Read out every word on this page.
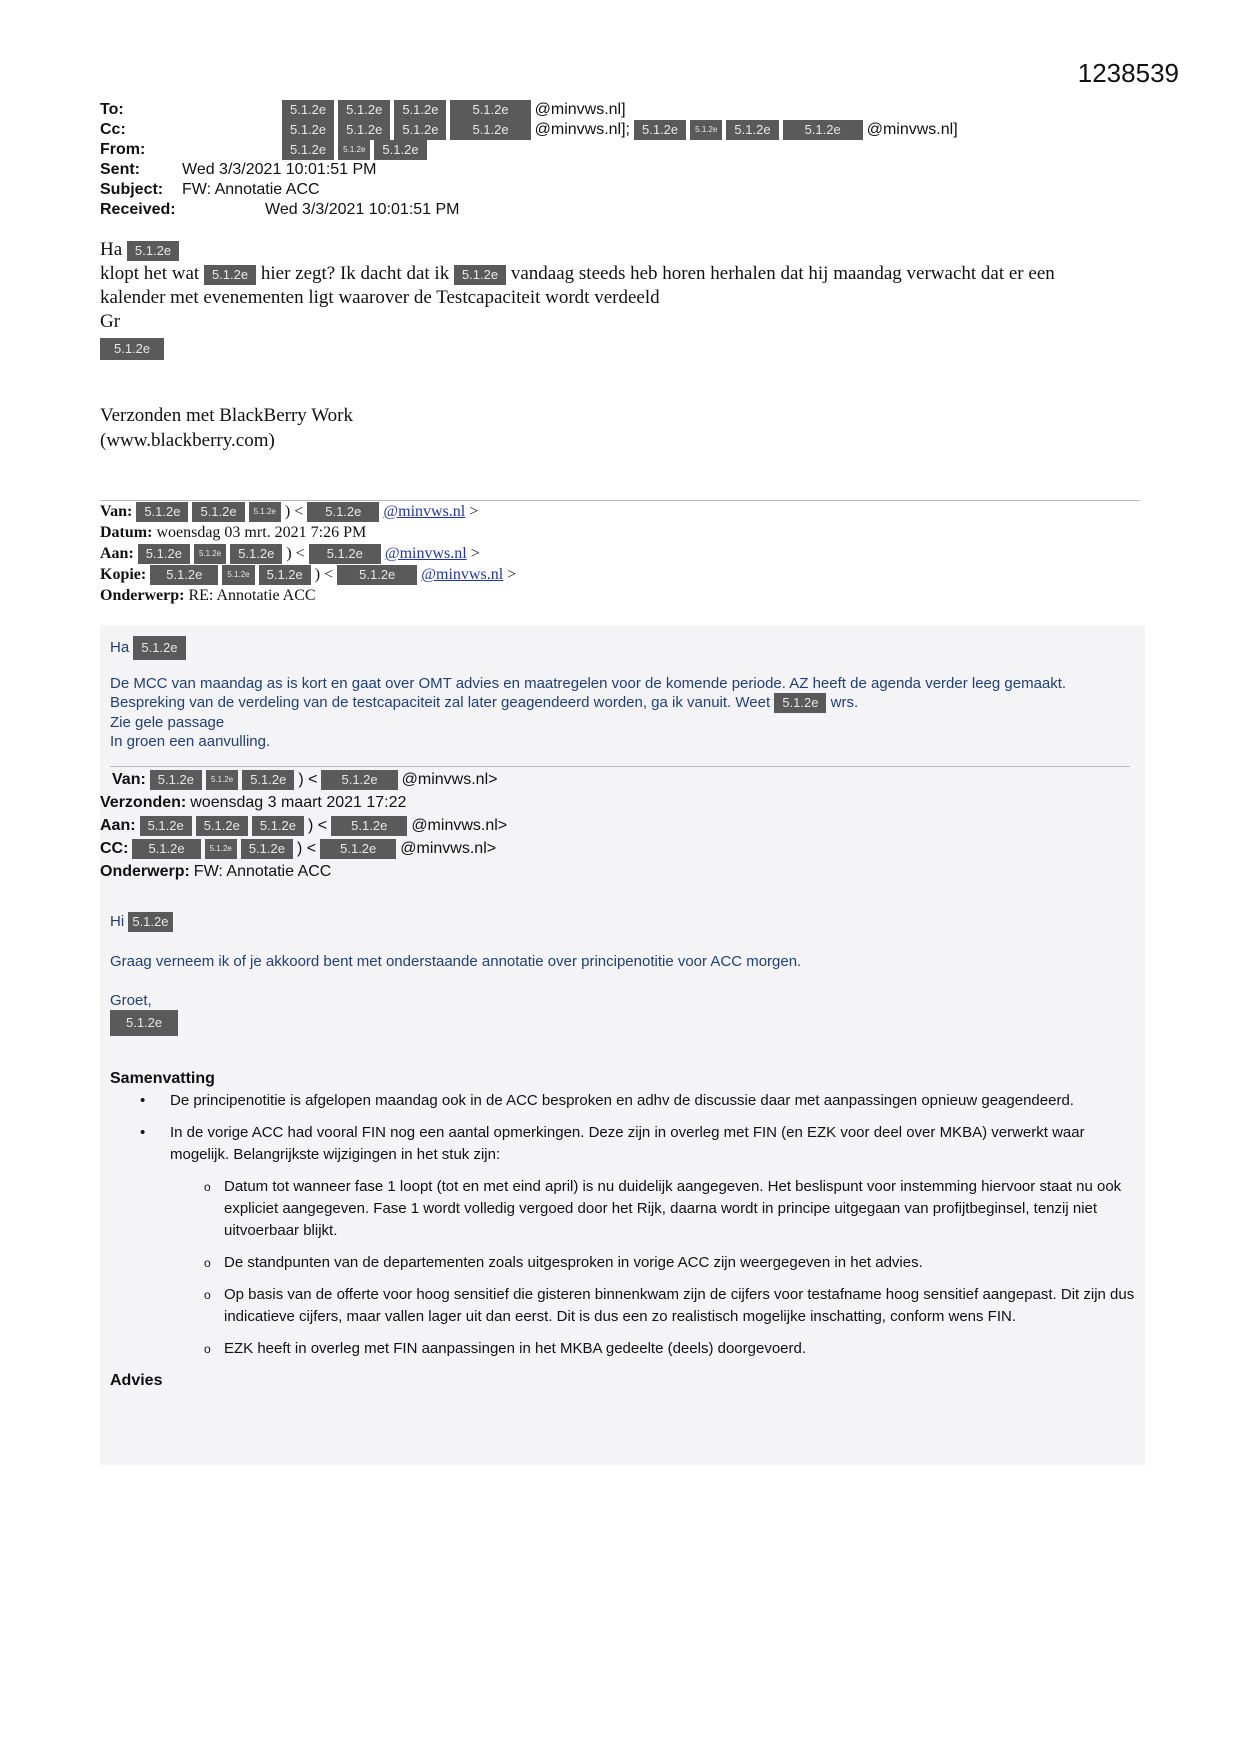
1238539
To:	5.1.2e	5.1.2e	5.1.2e	5.1.2e	@minvws.nl]
Cc:	5.1.2e	5.1.2e	5.1.2e	5.1.2e	@minvws.nl]; 5.1.2e	5.1.2e	5.1.2e	5.1.2e	@minvws.nl]
From:	5.1.2e	5.1.2e	5.1.2e
Sent:	Wed 3/3/2021 10:01:51 PM
Subject:	FW: Annotatie ACC
Received:	Wed 3/3/2021 10:01:51 PM
Ha 5.1.2e
klopt het wat 5.1.2e hier zegt? Ik dacht dat ik 5.1.2e vandaag steeds heb horen herhalen dat hij maandag verwacht dat er een
kalender met evenementen ligt waarover de Testcapaciteit wordt verdeeld
Gr
5.1.2e
Verzonden met BlackBerry Work
(www.blackberry.com)
Van: 5.1.2e	5.1.2e	5.1.2e ) <	5.1.2e	@minvws.nl >
Datum: woensdag 03 mrt. 2021 7:26 PM
Aan: 5.1.2e	5.1.2e	5.1.2e ) <	5.1.2e	@minvws.nl >
Kopie:	5.1.2e	5.1.2e	5.1.2e ) <	5.1.2e	@minvws.nl >
Onderwerp: RE: Annotatie ACC
Ha 5.1.2e
De MCC van maandag as is kort en gaat over OMT advies en maatregelen voor de komende periode. AZ heeft de agenda verder leeg gemaakt. Bespreking van de verdeling van de testcapaciteit zal later geagendeerd worden, ga ik vanuit. Weet 5.1.2e wrs.
Zie gele passage
In groen een aanvulling.
Van: 5.1.2e	5.1.2e	5.1.2e ) <	5.1.2e	@minvws.nl>
Verzonden: woensdag 3 maart 2021 17:22
Aan: 5.1.2e	5.1.2e	5.1.2e ) <	5.1.2e	@minvws.nl>
CC:	5.1.2e	5.1.2e	5.1.2e ) <	5.1.2e	@minvws.nl>
Onderwerp: FW: Annotatie ACC
Hi 5.1.2e
Graag verneem ik of je akkoord bent met onderstaande annotatie over principenotitie voor ACC morgen.
Groet,
5.1.2e
Samenvatting
• De principenotitie is afgelopen maandag ook in de ACC besproken en adhv de discussie daar met aanpassingen opnieuw geagendeerd.
• In de vorige ACC had vooral FIN nog een aantal opmerkingen. Deze zijn in overleg met FIN (en EZK voor deel over MKBA) verwerkt waar mogelijk. Belangrijkste wijzigingen in het stuk zijn:
o Datum tot wanneer fase 1 loopt (tot en met eind april) is nu duidelijk aangegeven. Het beslispunt voor instemming hiervoor staat nu ook expliciet aangegeven. Fase 1 wordt volledig vergoed door het Rijk, daarna wordt in principe uitgegaan van profijtbeginsel, tenzij niet uitvoerbaar blijkt.
o De standpunten van de departementen zoals uitgesproken in vorige ACC zijn weergegeven in het advies.
o Op basis van de offerte voor hoog sensitief die gisteren binnenkwam zijn de cijfers voor testafname hoog sensitief aangepast. Dit zijn dus indicatieve cijfers, maar vallen lager uit dan eerst. Dit is dus een zo realistisch mogelijke inschatting, conform wens FIN.
o EZK heeft in overleg met FIN aanpassingen in het MKBA gedeelte (deels) doorgevoerd.
Advies
